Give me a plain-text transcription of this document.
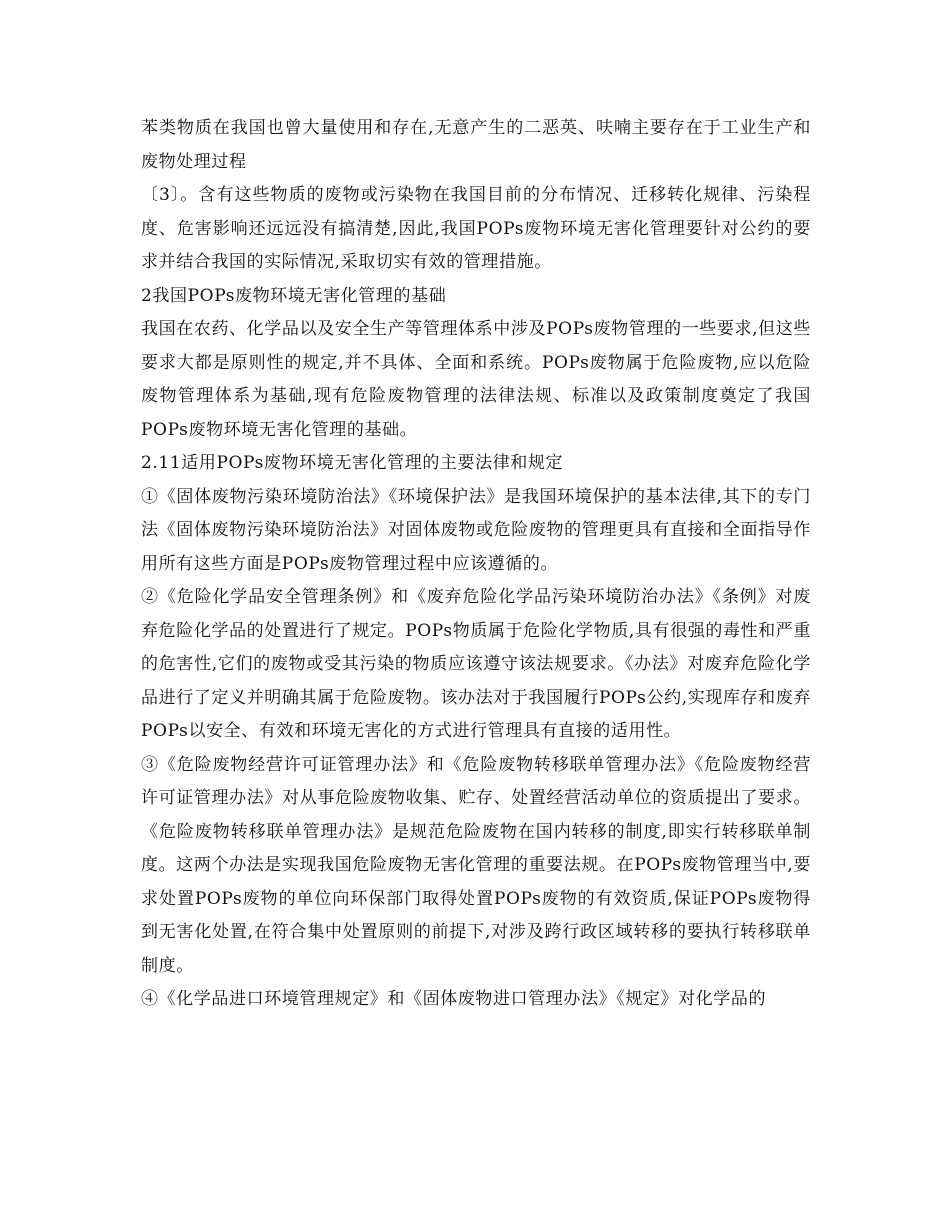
苯类物质在我国也曾大量使用和存在,无意产生的二恶英、呋喃主要存在于工业生产和废物处理过程

〔3〕。含有这些物质的废物或污染物在我国目前的分布情况、迁移转化规律、污染程度、危害影响还远远没有搞清楚,因此,我国POPs废物环境无害化管理要针对公约的要求并结合我国的实际情况,采取切实有效的管理措施。

2我国POPs废物环境无害化管理的基础

我国在农药、化学品以及安全生产等管理体系中涉及POPs废物管理的一些要求,但这些要求大都是原则性的规定,并不具体、全面和系统。POPs废物属于危险废物,应以危险废物管理体系为基础,现有危险废物管理的法律法规、标准以及政策制度奠定了我国POPs废物环境无害化管理的基础。

2.11适用POPs废物环境无害化管理的主要法律和规定

①《固体废物污染环境防治法》《环境保护法》是我国环境保护的基本法律,其下的专门法《固体废物污染环境防治法》对固体废物或危险废物的管理更具有直接和全面指导作用所有这些方面是POPs废物管理过程中应该遵循的。

②《危险化学品安全管理条例》和《废弃危险化学品污染环境防治办法》《条例》对废弃危险化学品的处置进行了规定。POPs物质属于危险化学物质,具有很强的毒性和严重的危害性,它们的废物或受其污染的物质应该遵守该法规要求。《办法》对废弃危险化学品进行了定义并明确其属于危险废物。该办法对于我国履行POPs公约,实现库存和废弃POPs以安全、有效和环境无害化的方式进行管理具有直接的适用性。

③《危险废物经营许可证管理办法》和《危险废物转移联单管理办法》《危险废物经营许可证管理办法》对从事危险废物收集、贮存、处置经营活动单位的资质提出了要求。《危险废物转移联单管理办法》是规范危险废物在国内转移的制度,即实行转移联单制度。这两个办法是实现我国危险废物无害化管理的重要法规。在POPs废物管理当中,要求处置POPs废物的单位向环保部门取得处置POPs废物的有效资质,保证POPs废物得到无害化处置,在符合集中处置原则的前提下,对涉及跨行政区域转移的要执行转移联单制度。

④《化学品进口环境管理规定》和《固体废物进口管理办法》《规定》对化学品的
